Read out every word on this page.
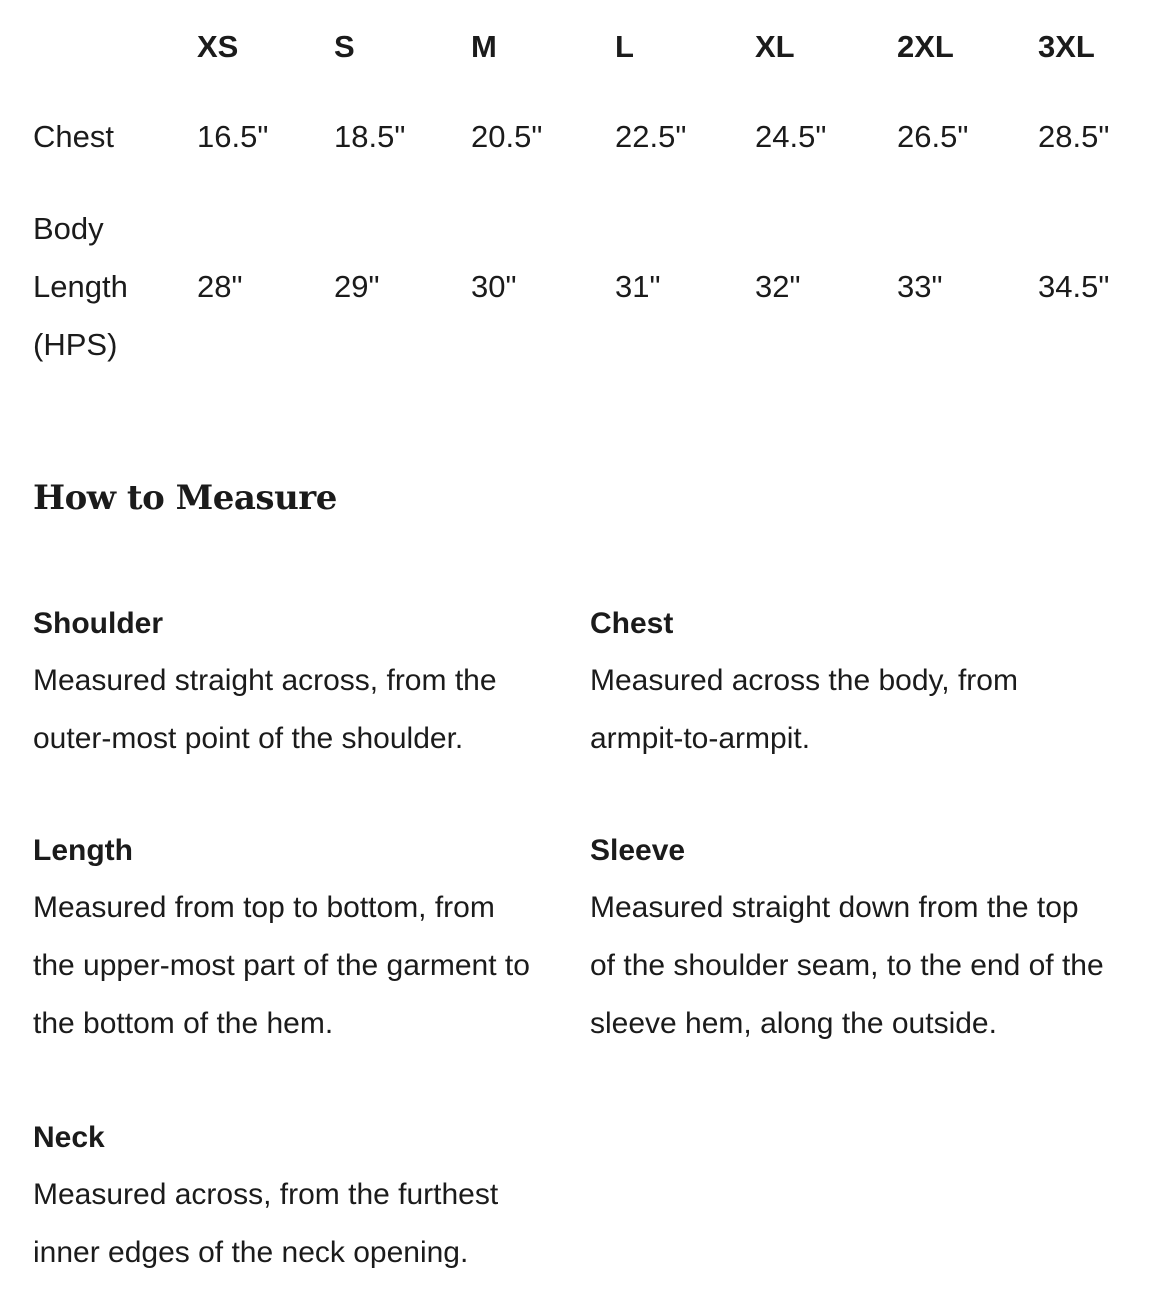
XS	S	M	L	XL	2XL	3XL
Chest	16.5" 18.5" 20.5" 22.5" 24.5" 26.5" 28.5"
Body
Length
(HPS)
28"	29"	30"	31"	32"	33"	34.5"
How to Measure

Shoulder

Measured straight across, from the

outer-most point of the shoulder.

Chest

Measured across the body, from

armpit-to-armpit.

Length

Measured from top to bottom, from

the upper-most part of the garment to

the bottom of the hem.

Sleeve

Measured straight down from the top

of the shoulder seam, to the end of the

sleeve hem, along the outside.

Neck

Measured across, from the furthest

inner edges of the neck opening.
